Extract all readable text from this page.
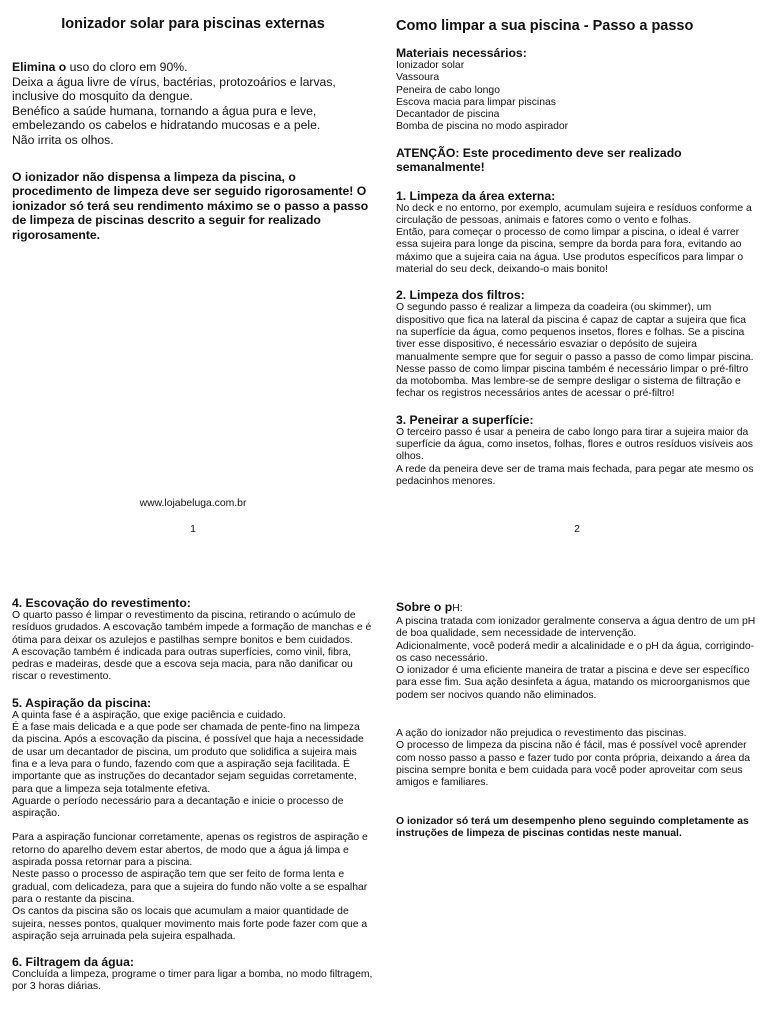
Ionizador solar para piscinas externas

Elimina o uso do cloro em 90%.

Deixa a água livre de vírus, bactérias, protozoários e larvas, inclusive do mosquito da dengue.

Benéfico a saúde humana, tornando a água pura e leve, embelezando os cabelos e hidratando mucosas e a pele.

Não irrita os olhos.

O ionizador não dispensa a limpeza da piscina, o procedimento de limpeza deve ser seguido rigorosamente! O ionizador só terá seu rendimento máximo se o passo a passo de limpeza de piscinas descrito a seguir for realizado rigorosamente.

www.lojabeluga.com.br
1
Como limpar a sua piscina - Passo a passo
Materiais necessários:

Ionizador solar

Vassoura

Peneira de cabo longo

Escova macia para limpar piscinas

Decantador de piscina

Bomba de piscina no modo aspirador

ATENÇÃO: Este procedimento deve ser realizado semanalmente!

1. Limpeza da área externa:

No deck e no entorno, por exemplo, acumulam sujeira e resíduos conforme a circulação de pessoas, animais e fatores como o vento e folhas.

Então, para começar o processo de como limpar a piscina, o ideal é varrer essa sujeira para longe da piscina, sempre da borda para fora, evitando ao máximo que a sujeira caia na água. Use produtos específicos para limpar o material do seu deck, deixando-o mais bonito!

2. Limpeza dos filtros:

O segundo passo é realizar a limpeza da coadeira (ou skimmer), um dispositivo que fica na lateral da piscina é capaz de captar a sujeira que fica na superfície da água, como pequenos insetos, flores e folhas. Se a piscina tiver esse dispositivo, é necessário esvaziar o depósito de sujeira manualmente sempre que for seguir o passo a passo de como limpar piscina.

Nesse passo de como limpar piscina também é necessário limpar o pré-filtro da motobomba. Mas lembre-se de sempre desligar o sistema de filtração e fechar os registros necessários antes de acessar o pré-filtro!

3. Peneirar a superfície:

O terceiro passo é usar a peneira de cabo longo para tirar a sujeira maior da superfície da água, como insetos, folhas, flores e outros resíduos visíveis aos olhos.

A rede da peneira deve ser de trama mais fechada, para pegar ate mesmo os pedacinhos menores.

2
4. Escovação do revestimento:

O quarto passo é limpar o revestimento da piscina, retirando o acúmulo de resíduos grudados. A escovação também impede a formação de manchas e é ótima para deixar os azulejos e pastilhas sempre bonitos e bem cuidados.

A escovação também é indicada para outras superfícies, como vinil, fibra, pedras e madeiras, desde que a escova seja macia, para não danificar ou riscar o revestimento.

5. Aspiração da piscina:

A quinta fase é a aspiração, que exige paciência e cuidado.

É a fase mais delicada e a que pode ser chamada de pente-fino na limpeza da piscina. Após a escovação da piscina, é possível que haja a necessidade de usar um decantador de piscina, um produto que solidifica a sujeira mais fina e a leva para o fundo, fazendo com que a aspiração seja facilitada. É importante que as instruções do decantador sejam seguidas corretamente, para que a limpeza seja totalmente efetiva.

Aguarde o período necessário para a decantação e inicie o processo de aspiração.

Para a aspiração funcionar corretamente, apenas os registros de aspiração e retorno do aparelho devem estar abertos, de modo que a água já limpa e aspirada possa retornar para a piscina.

Neste passo o processo de aspiração tem que ser feito de forma lenta e gradual, com delicadeza, para que a sujeira do fundo não volte a se espalhar para o restante da piscina.

Os cantos da piscina são os locais que acumulam a maior quantidade de sujeira, nesses pontos, qualquer movimento mais forte pode fazer com que a aspiração seja arruinada pela sujeira espalhada.

6. Filtragem da água:

Concluída a limpeza, programe o timer para ligar a bomba, no modo filtragem, por 3 horas diárias.

Sobre o pH:

A piscina tratada com ionizador geralmente conserva a água dentro de um pH de boa qualidade, sem necessidade de intervenção.

Adicionalmente, você poderá medir a alcalinidade e o pH da água, corrigindo-os caso necessário.

O ionizador é uma eficiente maneira de tratar a piscina e deve ser específico para esse fim. Sua ação desinfeta a água, matando os microorganismos que podem ser nocivos quando não eliminados.

A ação do ionizador não prejudica o revestimento das piscinas.

O processo de limpeza da piscina não é fácil, mas é possível você aprender com nosso passo a passo e fazer tudo por conta própria, deixando a área da piscina sempre bonita e bem cuidada para você poder aproveitar com seus amigos e familiares.

O ionizador só terá um desempenho pleno seguindo completamente as instruções de limpeza de piscinas contidas neste manual.
